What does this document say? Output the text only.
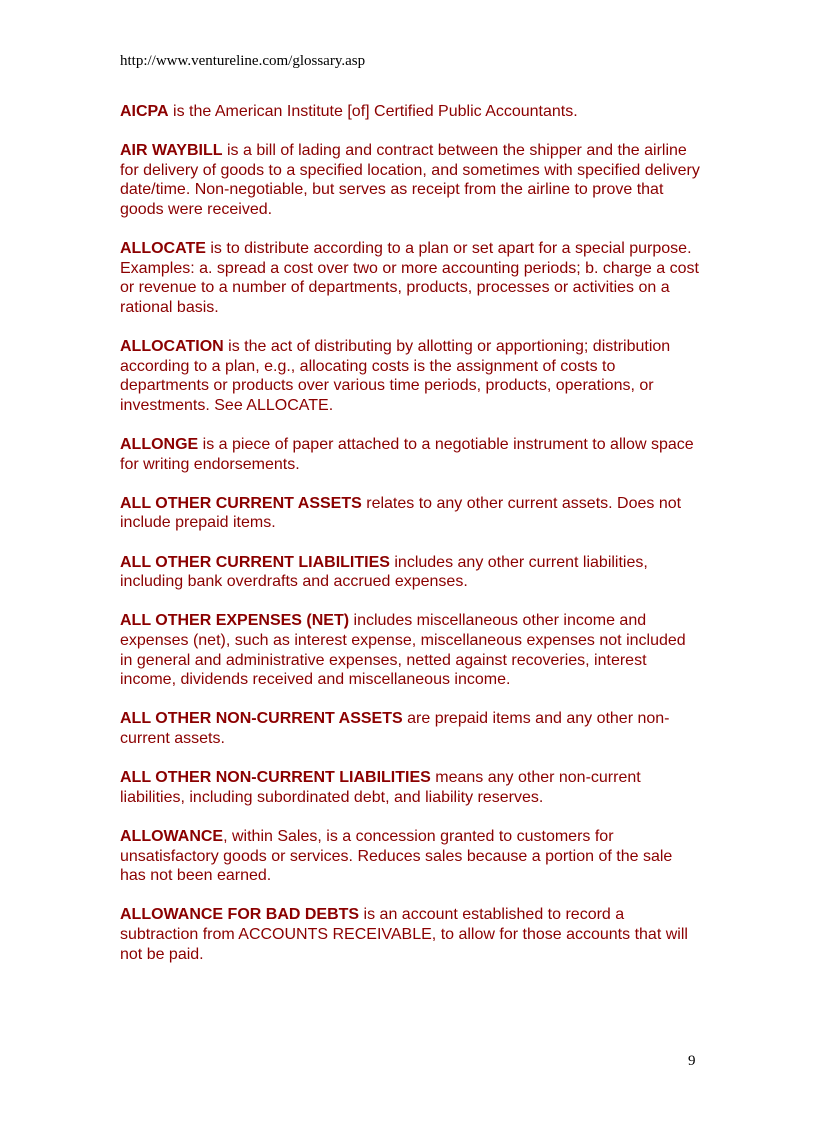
http://www.ventureline.com/glossary.asp

AICPA is the American Institute [of] Certified Public Accountants.

AIR WAYBILL is a bill of lading and contract between the shipper and the airline for delivery of goods to a specified location, and sometimes with specified delivery date/time. Non-negotiable, but serves as receipt from the airline to prove that goods were received.

ALLOCATE is to distribute according to a plan or set apart for a special purpose. Examples: a. spread a cost over two or more accounting periods; b. charge a cost or revenue to a number of departments, products, processes or activities on a rational basis.

ALLOCATION is the act of distributing by allotting or apportioning; distribution according to a plan, e.g., allocating costs is the assignment of costs to departments or products over various time periods, products, operations, or investments. See ALLOCATE.

ALLONGE is a piece of paper attached to a negotiable instrument to allow space for writing endorsements.

ALL OTHER CURRENT ASSETS relates to any other current assets. Does not include prepaid items.

ALL OTHER CURRENT LIABILITIES includes any other current liabilities, including bank overdrafts and accrued expenses.

ALL OTHER EXPENSES (NET) includes miscellaneous other income and expenses (net), such as interest expense, miscellaneous expenses not included in general and administrative expenses, netted against recoveries, interest income, dividends received and miscellaneous income.

ALL OTHER NON-CURRENT ASSETS are prepaid items and any other non-current assets.

ALL OTHER NON-CURRENT LIABILITIES means any other non-current liabilities, including subordinated debt, and liability reserves.

ALLOWANCE, within Sales, is a concession granted to customers for unsatisfactory goods or services. Reduces sales because a portion of the sale has not been earned.

ALLOWANCE FOR BAD DEBTS is an account established to record a subtraction from ACCOUNTS RECEIVABLE, to allow for those accounts that will not be paid.

9
